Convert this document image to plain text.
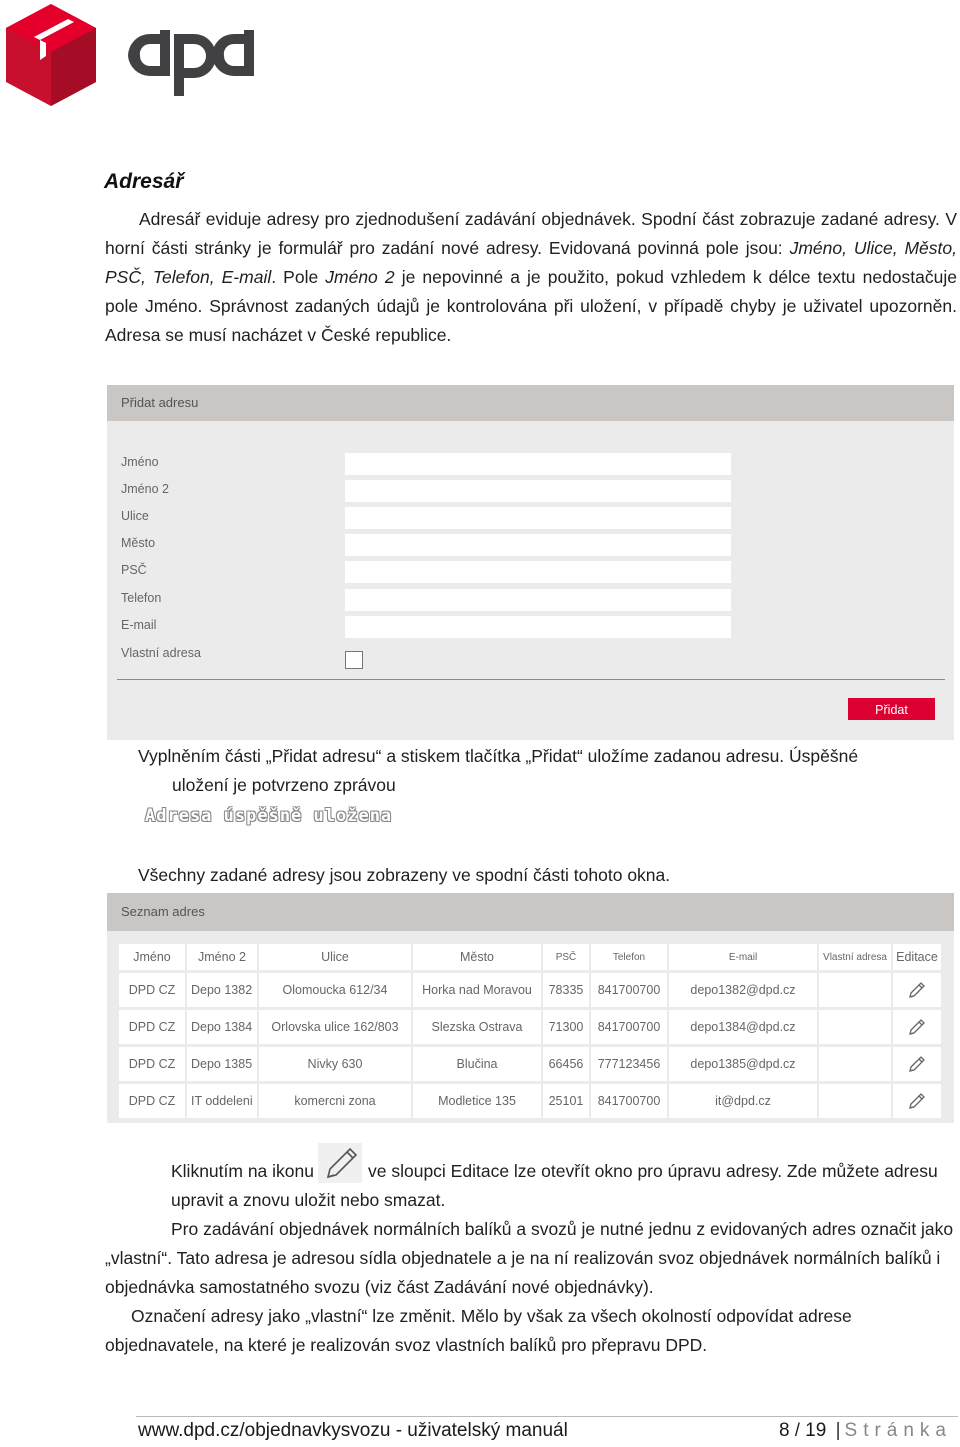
Adresář
Adresář eviduje adresy pro zjednodušení zadávání objednávek. Spodní část zobrazuje zadané adresy. V horní části stránky je formulář pro zadání nové adresy. Evidovaná povinná pole jsou: Jméno, Ulice, Město, PSČ, Telefon, E-mail. Pole Jméno 2 je nepovinné a je použito, pokud vzhledem k délce textu nedostačuje pole Jméno. Správnost zadaných údajů je kontrolována při uložení, v případě chyby je uživatel upozorněn. Adresa se musí nacházet v České republice.
Přidat adresu
Jméno
Jméno 2
Ulice
Město
PSČ
Telefon
E-mail
Vlastní adresa
Přidat
Vyplněním části „Přidat adresu“ a stiskem tlačítka „Přidat“ uložíme zadanou adresu. Úspěšné
uložení je potvrzeno zprávou
Adresa úspěšně uložena
Všechny zadané adresy jsou zobrazeny ve spodní části tohoto okna.
Seznam adres
Jméno	Jméno 2	Ulice	Město	PSČ	Telefon	E-mail	Vlastní adresa	Editace
DPD CZ	Depo 1382	Olomoucka 612/34	Horka nad Moravou	78335	841700700	depo1382@dpd.cz		
DPD CZ	Depo 1384	Orlovska ulice 162/803	Slezska Ostrava	71300	841700700	depo1384@dpd.cz		
DPD CZ	Depo 1385	Nivky 630	Blučina	66456	777123456	depo1385@dpd.cz		
DPD CZ	IT oddeleni	komercni zona	Modletice 135	25101	841700700	it@dpd.cz		
Kliknutím na ikonu	ve sloupci Editace lze otevřít okno pro úpravu adresy. Zde můžete adresu upravit a znovu uložit nebo smazat.
Pro zadávání objednávek normálních balíků a svozů je nutné jednu z evidovaných adres označit jako „vlastní“. Tato adresa je adresou sídla objednatele a je na ní realizován svoz objednávek normálních balíků i objednávka samostatného svozu (viz část Zadávání nové objednávky).
Označení adresy jako „vlastní“ lze změnit. Mělo by však za všech okolností odpovídat adrese objednavatele, na které je realizován svoz vlastních balíků pro přepravu DPD.
www.dpd.cz/objednavkysvozu - uživatelský manuál	8 / 19 | Stránka
